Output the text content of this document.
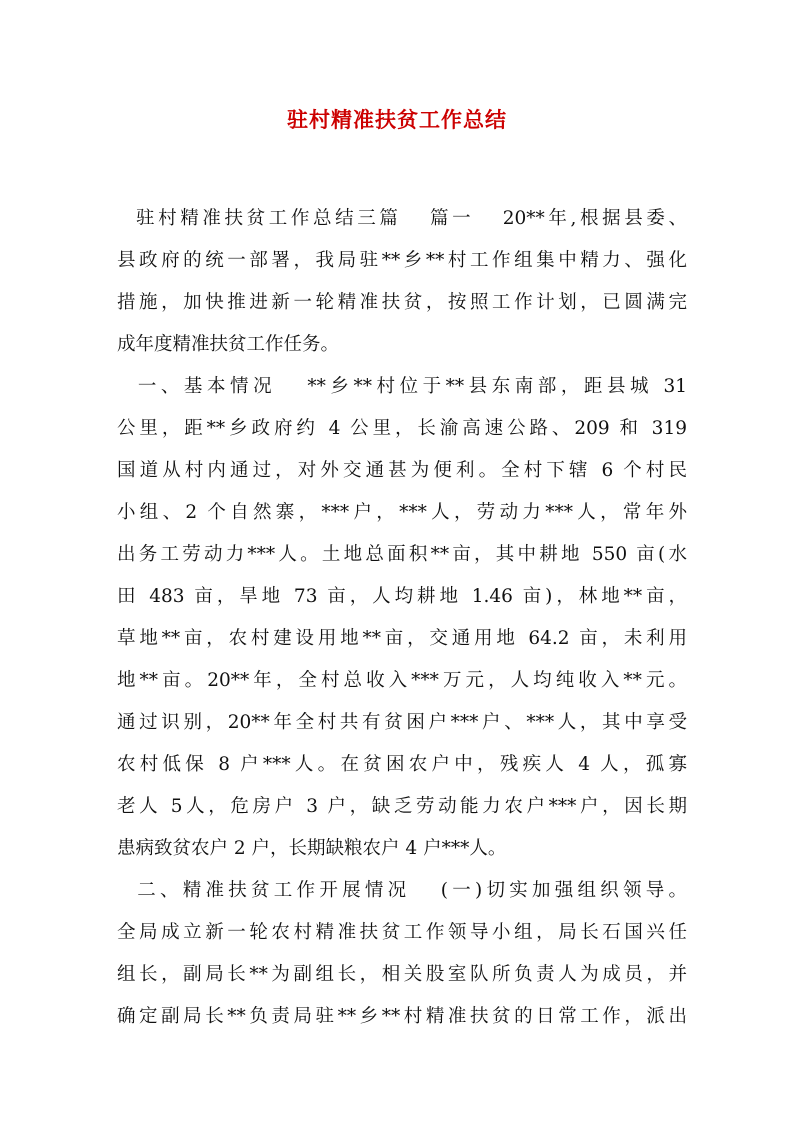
驻村精准扶贫工作总结
驻村精准扶贫工作总结三篇   篇一   20**年,根据县委、
县政府的统一部署，我局驻**乡**村工作组集中精力、强化
措施，加快推进新一轮精准扶贫，按照工作计划，已圆满完
成年度精准扶贫工作任务。
一、基本情况   **乡**村位于**县东南部，距县城 31
公里，距**乡政府约 4 公里，长渝高速公路、209 和 319
国道从村内通过，对外交通甚为便利。全村下辖 6 个村民
小组、2 个自然寨，***户，***人，劳动力***人，常年外
出务工劳动力***人。土地总面积**亩，其中耕地 550 亩(水
田 483 亩，旱地 73 亩，人均耕地 1.46 亩)，林地**亩，
草地**亩，农村建设用地**亩，交通用地 64.2 亩，未利用
地**亩。20**年，全村总收入***万元，人均纯收入**元。
通过识别，20**年全村共有贫困户***户、***人，其中享受
农村低保 8 户***人。在贫困农户中，残疾人 4 人，孤寡
老人 5人，危房户 3 户，缺乏劳动能力农户***户，因长期
患病致贫农户 2 户，长期缺粮农户 4 户***人。
二、精准扶贫工作开展情况   (一)切实加强组织领导。
全局成立新一轮农村精准扶贫工作领导小组，局长石国兴任
组长，副局长**为副组长，相关股室队所负责人为成员，并
确定副局长**负责局驻**乡**村精准扶贫的日常工作，派出
